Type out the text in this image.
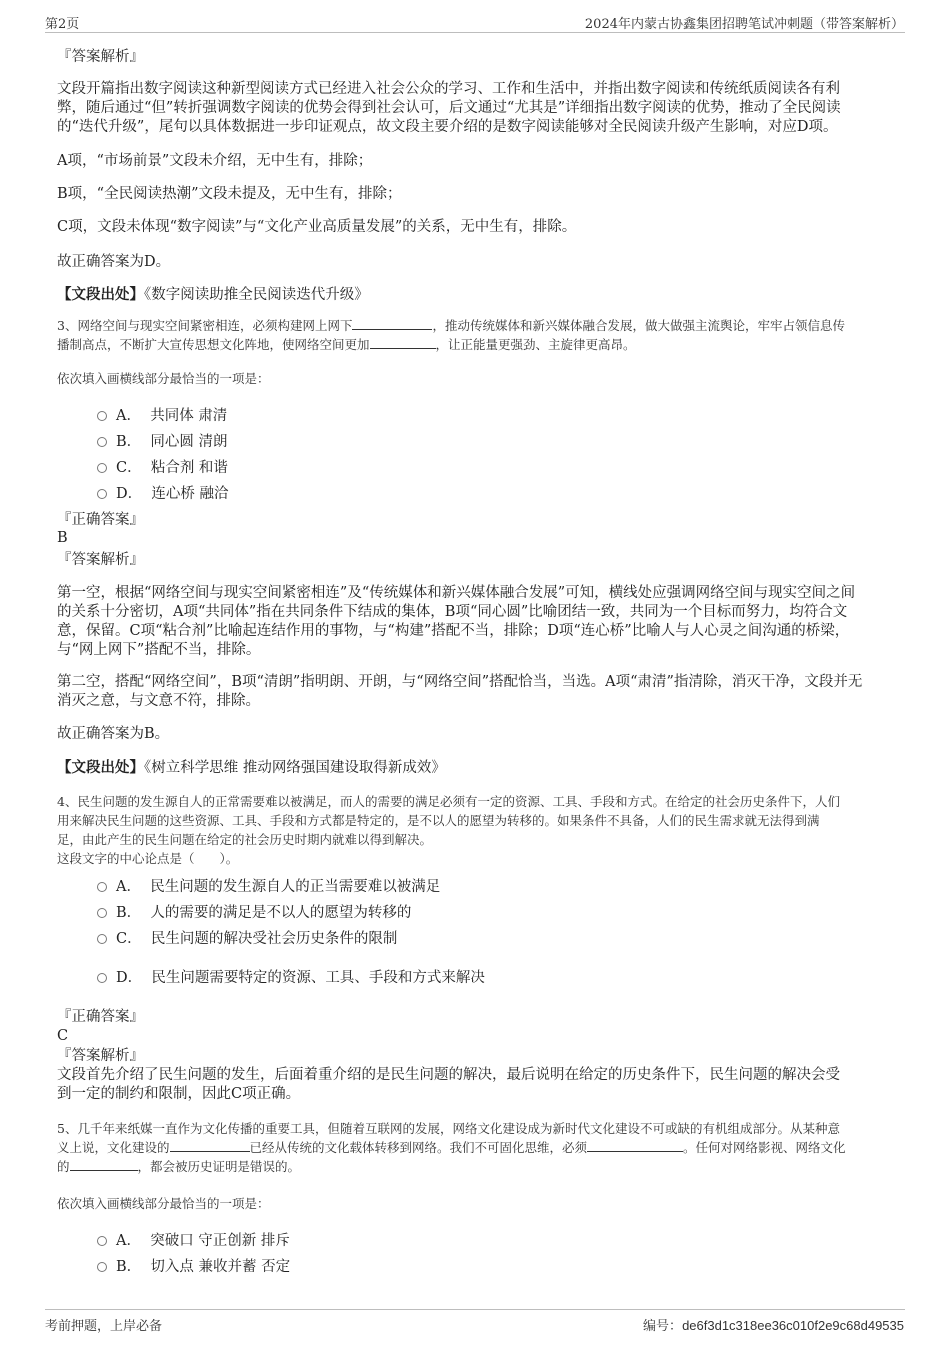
第2页	2024年内蒙古协鑫集团招聘笔试冲刺题（带答案解析）
『答案解析』
文段开篇指出数字阅读这种新型阅读方式已经进入社会公众的学习、工作和生活中，并指出数字阅读和传统纸质阅读各有利
弊，随后通过“但”转折强调数字阅读的优势会得到社会认可，后文通过“尤其是”详细指出数字阅读的优势，推动了全民阅读
的“迭代升级”，尾句以具体数据进一步印证观点，故文段主要介绍的是数字阅读能够对全民阅读升级产生影响，对应D项。
A项，“市场前景”文段未介绍，无中生有，排除；
B项，“全民阅读热潮”文段未提及，无中生有，排除；
C项，文段未体现“数字阅读”与“文化产业高质量发展”的关系，无中生有，排除。
故正确答案为D。
【文段出处】《数字阅读助推全民阅读迭代升级》
3、网络空间与现实空间紧密相连，必须构建网上网下	，推动传统媒体和新兴媒体融合发展，做大做强主流舆论，牢牢占领信息传
播制高点，不断扩大宣传思想文化阵地，使网络空间更加	，让正能量更强劲、主旋律更高昂。
依次填入画横线部分最恰当的一项是：
A． 共同体 肃清
B． 同心圆 清朗
C． 粘合剂 和谐
D． 连心桥 融洽
『正确答案』
B
『答案解析』
第一空，根据“网络空间与现实空间紧密相连”及“传统媒体和新兴媒体融合发展”可知，横线处应强调网络空间与现实空间之间
的关系十分密切，A项“共同体”指在共同条件下结成的集体，B项“同心圆”比喻团结一致，共同为一个目标而努力，均符合文
意，保留。C项“粘合剂”比喻起连结作用的事物，与“构建”搭配不当，排除；D项“连心桥”比喻人与人心灵之间沟通的桥梁，
与“网上网下”搭配不当，排除。
第二空，搭配“网络空间”，B项“清朗”指明朗、开朗，与“网络空间”搭配恰当，当选。A项“肃清”指清除，消灭干净，文段并无
消灭之意，与文意不符，排除。
故正确答案为B。
【文段出处】《树立科学思维 推动网络强国建设取得新成效》
4、民生问题的发生源自人的正常需要难以被满足，而人的需要的满足必须有一定的资源、工具、手段和方式。在给定的社会历史条件下，人们
用来解决民生问题的这些资源、工具、手段和方式都是特定的，是不以人的愿望为转移的。如果条件不具备，人们的民生需求就无法得到满
足，由此产生的民生问题在给定的社会历史时期内就难以得到解决。
这段文字的中心论点是（　　）。
A． 民生问题的发生源自人的正当需要难以被满足
B． 人的需要的满足是不以人的愿望为转移的
C． 民生问题的解决受社会历史条件的限制
D． 民生问题需要特定的资源、工具、手段和方式来解决
『正确答案』
C
『答案解析』
文段首先介绍了民生问题的发生，后面着重介绍的是民生问题的解决，最后说明在给定的历史条件下，民生问题的解决会受
到一定的制约和限制，因此C项正确。
5、几千年来纸媒一直作为文化传播的重要工具，但随着互联网的发展，网络文化建设成为新时代文化建设不可或缺的有机组成部分。从某种意
义上说，文化建设的	已经从传统的文化载体转移到网络。我们不可固化思维，必须	。任何对网络影视、网络文化
的	，都会被历史证明是错误的。
依次填入画横线部分最恰当的一项是：
A． 突破口 守正创新 排斥
B． 切入点 兼收并蓄 否定
考前押题，上岸必备	编号：de6f3d1c318ee36c010f2e9c68d49535
